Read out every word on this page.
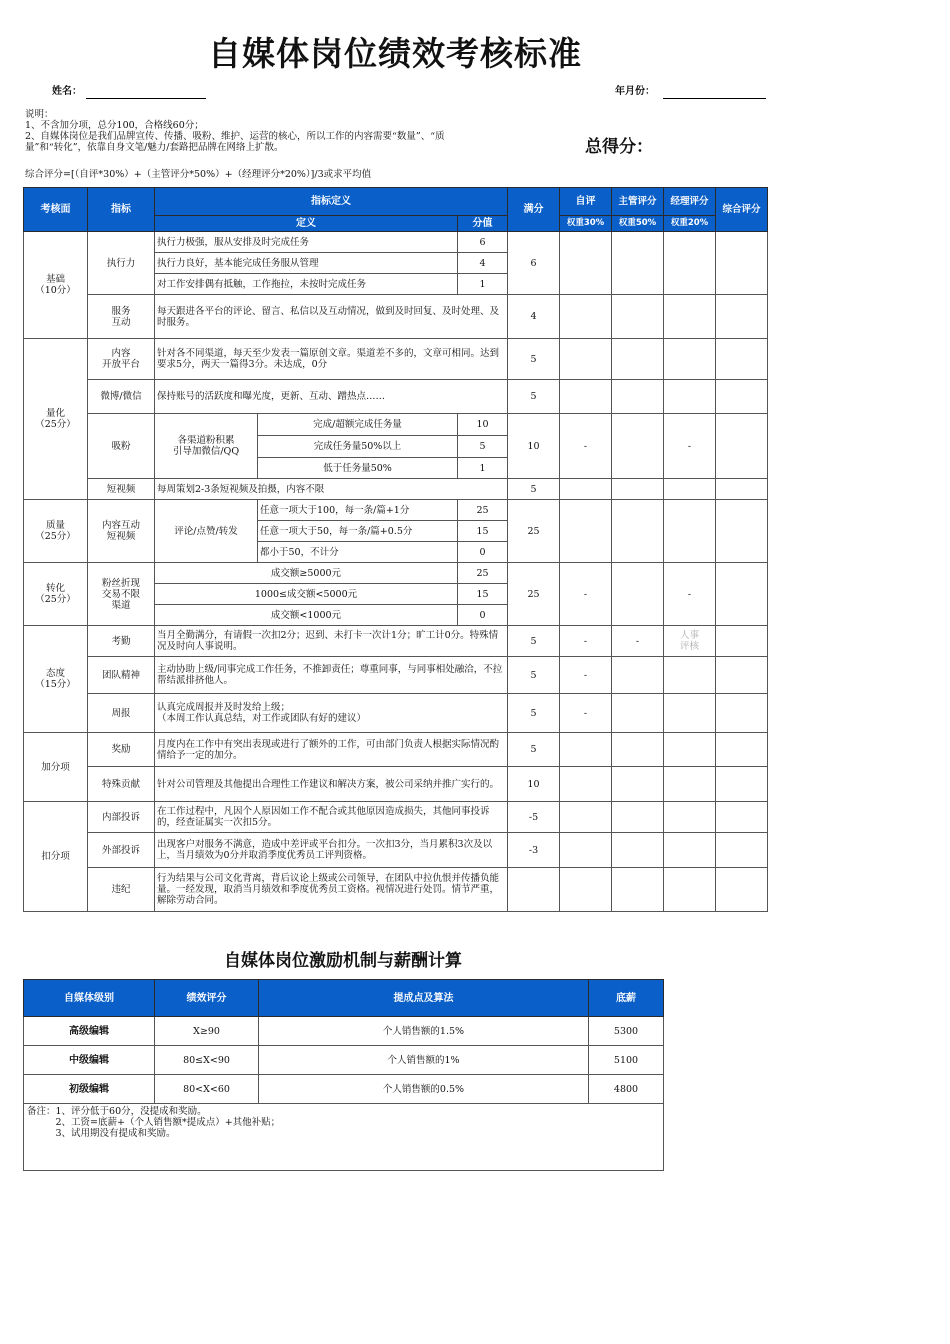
自媒体岗位绩效考核标准
姓名：	年月份：
说明：
1、不含加分项，总分100，合格线60分；
2、自媒体岗位是我们品牌宣传、传播、吸粉、维护、运营的核心，所以工作的内容需要“数量”、“质
量”和“转化”，依靠自身文笔/魅力/套路把品牌在网络上扩散。	总得分：
综合评分=[（自评*30%）+（主管评分*50%）+（经理评分*20%）]/3或求平均值
考核面	指标	指标定义			满分	自评	主管评分	经理评分	综合评分
		定义		分值		权重30%	权重50%	权重20%	
基础
（10分）	执行力	执行力极强，服从安排及时完成任务		6	6				
		执行力良好，基本能完成任务服从管理		4					
		对工作安排偶有抵触，工作拖拉，未按时完成任务		1					
	服务
互动	每天跟进各平台的评论、留言、私信以及互动情况，做到及时回复、及时处理、及时服务。			4				
量化
（25分）	内容
开放平台	针对各不同渠道，每天至少发表一篇原创文章。渠道差不多的，文章可相同。达到要求5分，两天一篇得3分。未达成，0分			5				
	微博/微信	保持账号的活跃度和曝光度，更新、互动、蹭热点……			5				
	吸粉	各渠道粉积累
引导加微信/QQ	完成/超额完成任务量	10	10	-		-	
			完成任务量50%以上	5					
			低于任务量50%	1					
	短视频	每周策划2-3条短视频及拍摄，内容不限			5				
质量
（25分）	内容互动
短视频	评论/点赞/转发	任意一项大于100，每一条/篇+1分	25	25				
			任意一项大于50，每一条/篇+0.5分	15					
			都小于50，不计分	0					
转化
（25分）	粉丝折现
交易不限
渠道	成交额≥5000元		25	25	-		-	
		1000≤成交额<5000元		15					
		成交额<1000元		0					
态度
（15分）	考勤	当月全勤满分，有请假一次扣2分；迟到、未打卡一次计1分；旷工计0分。特殊情况及时向人事说明。			5	-	-	人事
评核	
	团队精神	主动协助上级/同事完成工作任务，不推卸责任；尊重同事，与同事相处融洽，不拉帮结派排挤他人。			5	-			
	周报	认真完成周报并及时发给上级；
（本周工作认真总结，对工作或团队有好的建议）			5	-			
加分项	奖励	月度内在工作中有突出表现或进行了额外的工作，可由部门负责人根据实际情况酌情给予一定的加分。			5				
	特殊贡献	针对公司管理及其他提出合理性工作建议和解决方案，被公司采纳并推广实行的。			10				
扣分项	内部投诉	在工作过程中，凡因个人原因如工作不配合或其他原因造成损失，其他同事投诉的，经查证属实一次扣5分。			-5				
	外部投诉	出现客户对服务不满意，造成中差评或平台扣分。一次扣3分，当月累积3次及以上，当月绩效为0分并取消季度优秀员工评判资格。			-3				
	违纪	行为结果与公司文化背离，背后议论上级或公司领导，在团队中拉仇恨并传播负能量。一经发现，取消当月绩效和季度优秀员工资格。视情况进行处罚。情节严重，解除劳动合同。							
自媒体岗位激励机制与薪酬计算
自媒体级别	绩效评分	提成点及算法	底薪
高级编辑	X≥90	个人销售额的1.5%	5300
中级编辑	80≤X<90	个人销售额的1%	5100
初级编辑	80<X<60	个人销售额的0.5%	4800
备注：1、评分低于60分，没提成和奖励。
　　　2、工资=底薪+（个人销售额*提成点）+其他补贴；
　　　3、试用期没有提成和奖励。			
